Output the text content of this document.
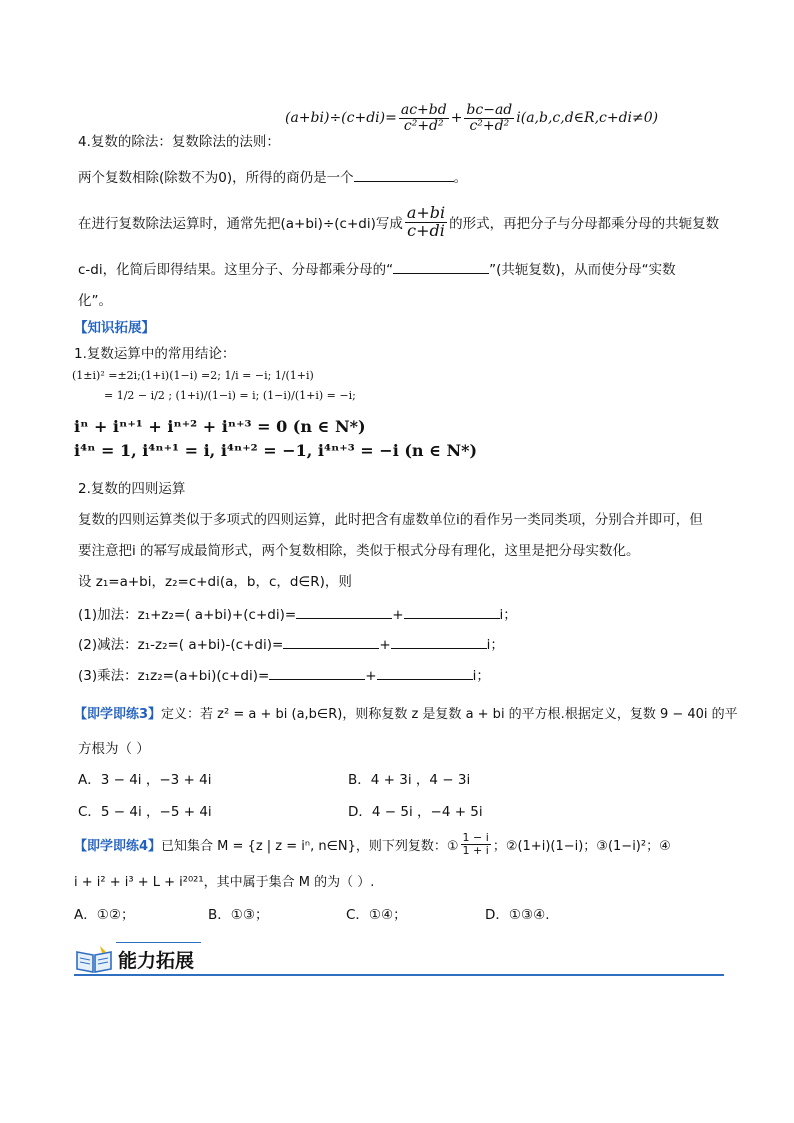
4.复数的除法：复数除法的法则：
$(a+bi)\div(c+di)= \frac{ac+bd}{\text{c²+d²}} + \frac{bc-ad}{\text{c²+d²}}$ i(a,b,c,d∈R,c+di≠0)
两个复数相除(除数不为0)，所得的商仍是一个	。
在进行复数除法运算时，通常先把(a+bi)÷(c+di)写成 $\frac{a+bi}{c+di}$ 的形式，再把分子与分母都乘分母的共轭复数
c-di，化简后即得结果。这里分子、分母都乘分母的“	”(共轭复数)，从而使分母“实数
化”。
【知识拓展】
1.复数运算中的常用结论：
(1±i)² =±2i;(1+i)(1−i) =2; 1/i = −i; 1/(1+i)
= 1/2 − i/2 ; (1+i)/(1−i) = i; (1−i)/(1+i) = −i;
iⁿ + iⁿ⁺¹ + iⁿ⁺² + iⁿ⁺³ = 0 (n ∈ N*)
i⁴ⁿ = 1, i⁴ⁿ⁺¹ = i, i⁴ⁿ⁺² = −1, i⁴ⁿ⁺³ = −i (n ∈ N*)
2.复数的四则运算
复数的四则运算类似于多项式的四则运算，此时把含有虚数单位i的看作另一类同类项，分别合并即可，但
要注意把i 的幂写成最简形式，两个复数相除，类似于根式分母有理化，这里是把分母实数化。
设 z₁=a+bi，z₂=c+di(a，b，c，d∈R)，则
(1)加法：z₁+z₂=( a+bi)+(c+di)=	+	i；
(2)减法：z₁-z₂=( a+bi)-(c+di)=	+	i；
(3)乘法：z₁z₂=(a+bi)(c+di)=	+	i；
【即学即练3】定义：若 z² = a + bi (a,b∈R)，则称复数 z 是复数 a + bi 的平方根.根据定义，复数 9 − 40i 的平
方根为（ ）
A．3 − 4i ，−3 + 4i	B．4 + 3i ，4 − 3i
C．5 − 4i ，−5 + 4i	D．4 − 5i ，−4 + 5i
【即学即练4】 已知集合 M = {z | z = iⁿ, n∈N}，则下列复数：① $\frac{1 - i}{1 + i}$ ；②(1+i)(1−i)；③(1−i)²；④
i + i² + i³ + L + i²⁰²¹，其中属于集合 M 的为（ ）.
A．①②；	B．①③；	C．①④；	D．①③④.
能力拓展
